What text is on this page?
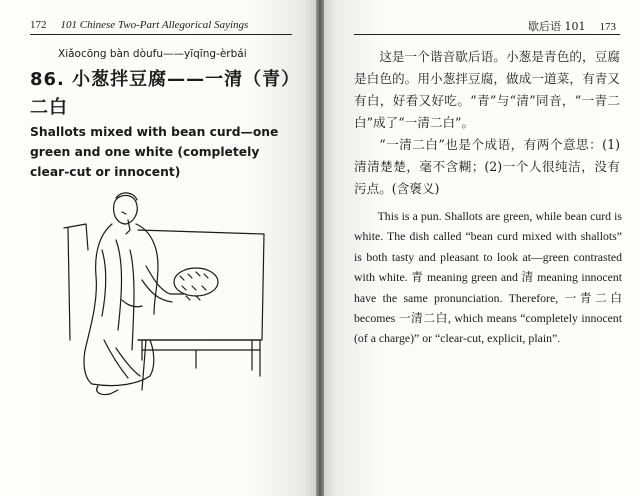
172 101 Chinese Two-Part Allegorical Sayings
Xiǎocōng bàn dòufu——yīqīng-èrbái
86. 小葱拌豆腐——一清（青）二白
Shallots mixed with bean curd—one green and one white (completely clear-cut or innocent)
歇后语 101 173

这是一个谐音歇后语。小葱是青色的，豆腐是白色的。用小葱拌豆腐，做成一道菜，有青又有白，好看又好吃。“青”与“清”同音，“一青二白”成了“一清二白”。

“一清二白”也是个成语，有两个意思：(1)清清楚楚，毫不含糊；(2)一个人很纯洁，没有污点。(含褒义)

This is a pun. Shallots are green, while bean curd is white. The dish called “bean curd mixed with shallots” is both tasty and pleasant to look at—green contrasted with white. 青 meaning green and 清 meaning innocent have the same pronunciation. Therefore, 一青二白 becomes 一清二白, which means “completely innocent (of a charge)” or “clear-cut, explicit, plain”.
